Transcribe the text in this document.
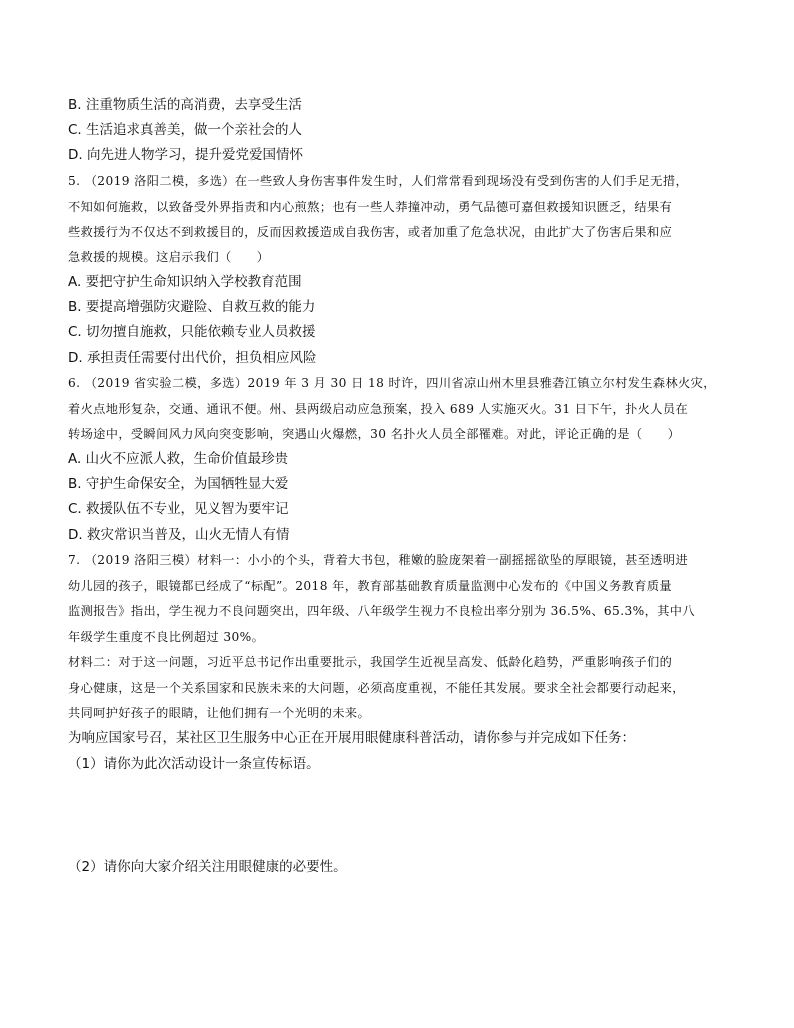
B. 注重物质生活的高消费，去享受生活
C. 生活追求真善美，做一个亲社会的人
D. 向先进人物学习，提升爱党爱国情怀
5. （2019 洛阳二模，多选）在一些致人身伤害事件发生时，人们常常看到现场没有受到伤害的人们手足无措，
不知如何施救，以致备受外界指责和内心煎熬；也有一些人莽撞冲动，勇气品德可嘉但救援知识匮乏，结果有
些救援行为不仅达不到救援目的，反而因救援造成自我伤害，或者加重了危急状况，由此扩大了伤害后果和应
急救援的规模。这启示我们（　　）
A. 要把守护生命知识纳入学校教育范围
B. 要提高增强防灾避险、自救互救的能力
C. 切勿擅自施救，只能依赖专业人员救援
D. 承担责任需要付出代价，担负相应风险
6. （2019 省实验二模，多选）2019 年 3 月 30 日 18 时许，四川省凉山州木里县雅砻江镇立尔村发生森林火灾，
着火点地形复杂，交通、通讯不便。州、县两级启动应急预案，投入 689 人实施灭火。31 日下午，扑火人员在
转场途中，受瞬间风力风向突变影响，突遇山火爆燃，30 名扑火人员全部罹难。对此，评论正确的是（　　）
A. 山火不应派人救，生命价值最珍贵
B. 守护生命保安全，为国牺牲显大爱
C. 救援队伍不专业，见义智为要牢记
D. 救灾常识当普及，山火无情人有情
7. （2019 洛阳三模）材料一：小小的个头，背着大书包，稚嫩的脸庞架着一副摇摇欲坠的厚眼镜，甚至透明进
幼儿园的孩子，眼镜都已经成了“标配”。2018 年，教育部基础教育质量监测中心发布的《中国义务教育质量
监测报告》指出，学生视力不良问题突出，四年级、八年级学生视力不良检出率分别为 36.5%、65.3%，其中八
年级学生重度不良比例超过 30%。
材料二：对于这一问题，习近平总书记作出重要批示，我国学生近视呈高发、低龄化趋势，严重影响孩子们的
身心健康，这是一个关系国家和民族未来的大问题，必须高度重视，不能任其发展。要求全社会都要行动起来，
共同呵护好孩子的眼睛，让他们拥有一个光明的未来。
为响应国家号召，某社区卫生服务中心正在开展用眼健康科普活动，请你参与并完成如下任务：
（1）请你为此次活动设计一条宣传标语。
（2）请你向大家介绍关注用眼健康的必要性。
